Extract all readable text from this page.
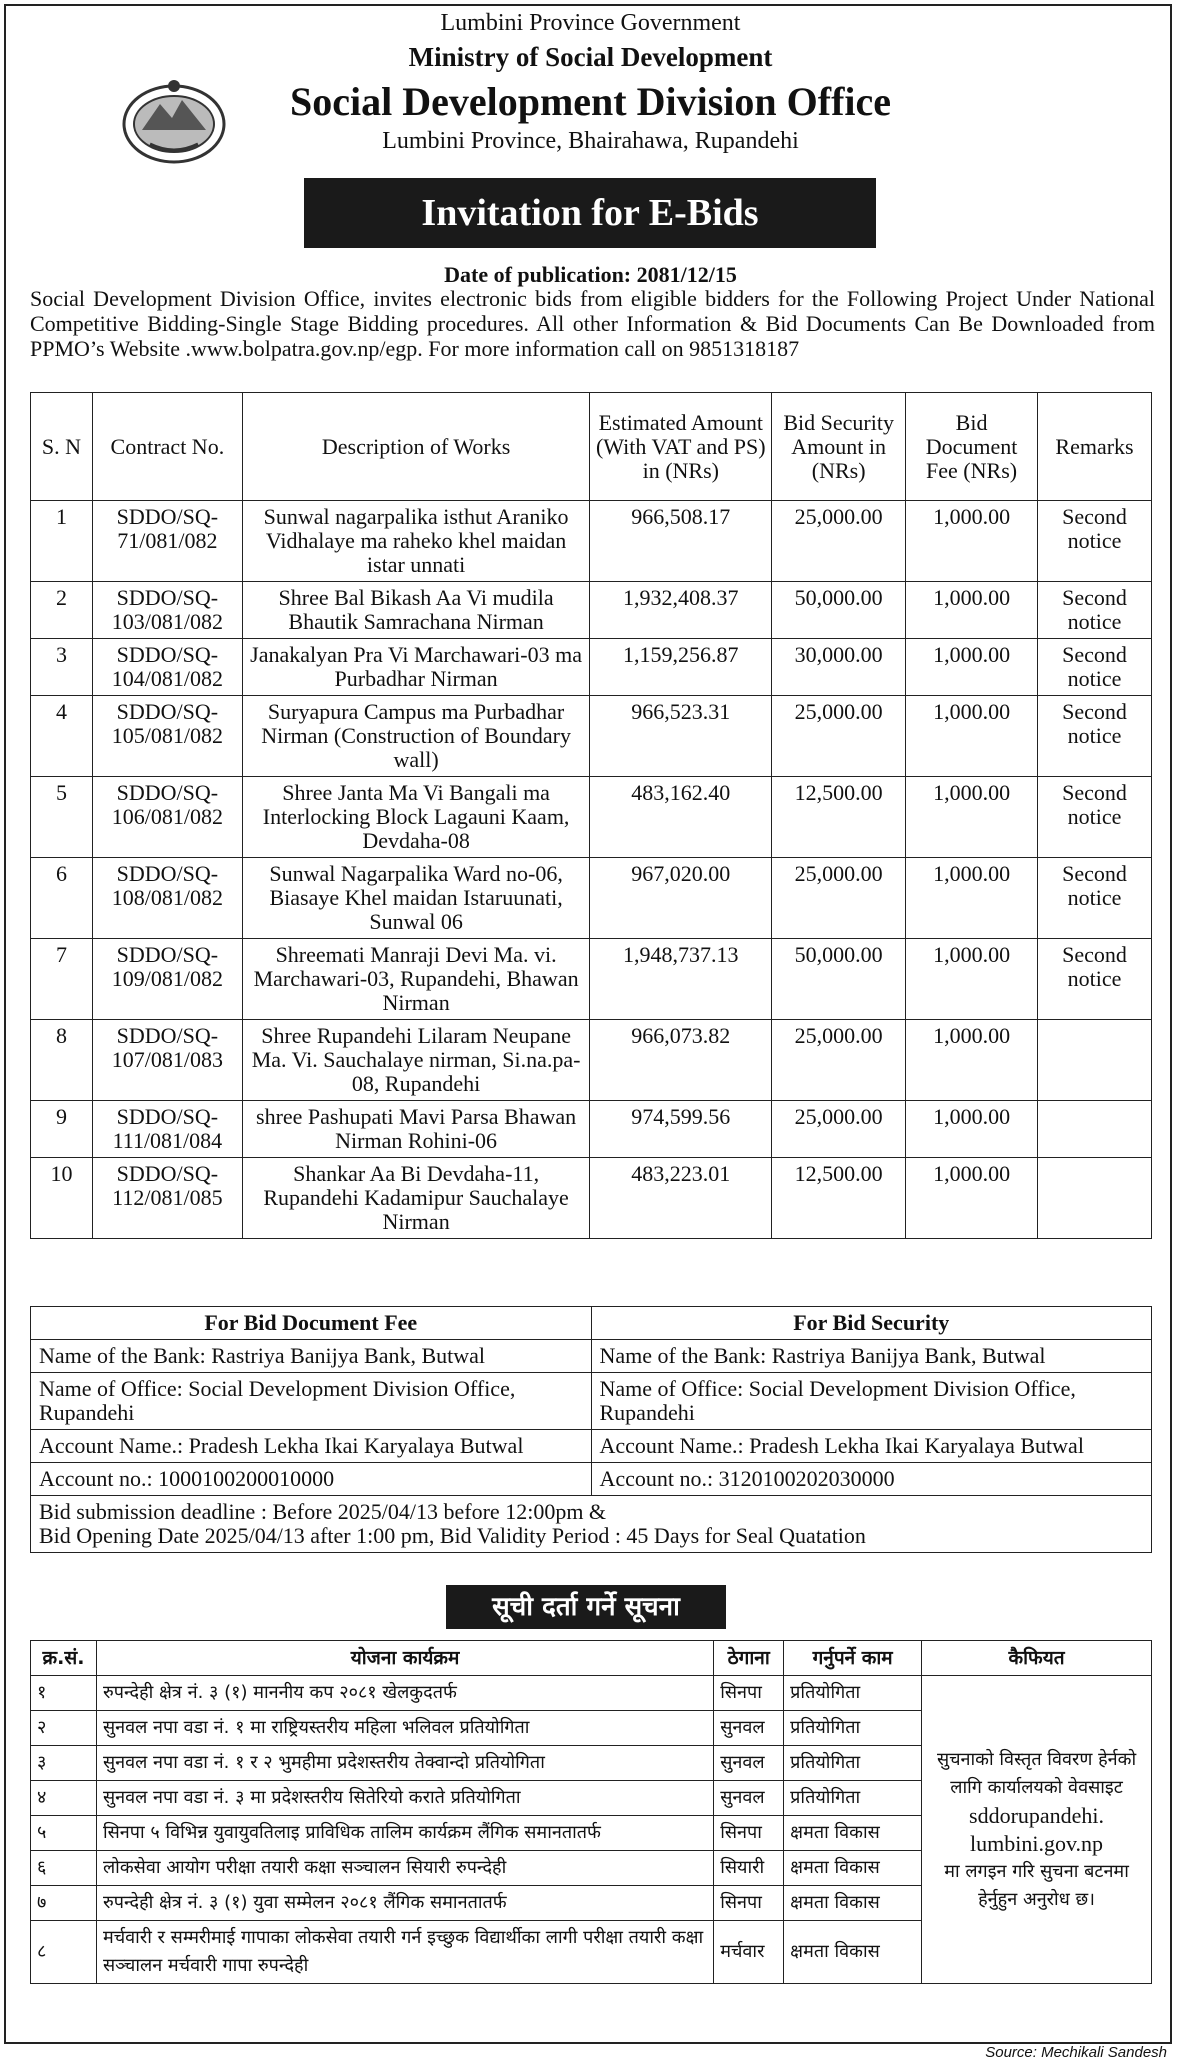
Lumbini Province Government
Ministry of Social Development
Social Development Division Office
Lumbini Province, Bhairahawa, Rupandehi
Invitation for E-Bids
Date of publication: 2081/12/15
Social Development Division Office, invites electronic bids from eligible bidders for the Following Project Under National Competitive Bidding-Single Stage Bidding procedures. All other Information & Bid Documents Can Be Downloaded from PPMO’s Website .www.bolpatra.gov.np/egp. For more information call on 9851318187
S. N	Contract No.	Description of Works	Estimated Amount (With VAT and PS) in (NRs)	Bid Security Amount in (NRs)	Bid Document Fee (NRs)	Remarks
1	SDDO/SQ-71/081/082	Sunwal nagarpalika isthut Araniko Vidhalaye ma raheko khel maidan istar unnati	966,508.17	25,000.00	1,000.00	Second notice
2	SDDO/SQ-103/081/082	Shree Bal Bikash Aa Vi mudila Bhautik Samrachana Nirman	1,932,408.37	50,000.00	1,000.00	Second notice
3	SDDO/SQ-104/081/082	Janakalyan Pra Vi Marchawari-03 ma Purbadhar Nirman	1,159,256.87	30,000.00	1,000.00	Second notice
4	SDDO/SQ-105/081/082	Suryapura Campus ma Purbadhar Nirman (Construction of Boundary wall)	966,523.31	25,000.00	1,000.00	Second notice
5	SDDO/SQ-106/081/082	Shree Janta Ma Vi Bangali ma Interlocking Block Lagauni Kaam, Devdaha-08	483,162.40	12,500.00	1,000.00	Second notice
6	SDDO/SQ-108/081/082	Sunwal Nagarpalika Ward no-06, Biasaye Khel maidan Istaruunati, Sunwal 06	967,020.00	25,000.00	1,000.00	Second notice
7	SDDO/SQ-109/081/082	Shreemati Manraji Devi Ma. vi. Marchawari-03, Rupandehi, Bhawan Nirman	1,948,737.13	50,000.00	1,000.00	Second notice
8	SDDO/SQ-107/081/083	Shree Rupandehi Lilaram Neupane Ma. Vi. Sauchalaye nirman, Si.na.pa-08, Rupandehi	966,073.82	25,000.00	1,000.00	
9	SDDO/SQ-111/081/084	shree Pashupati Mavi Parsa Bhawan Nirman Rohini-06	974,599.56	25,000.00	1,000.00	
10	SDDO/SQ-112/081/085	Shankar Aa Bi Devdaha-11, Rupandehi Kadamipur Sauchalaye Nirman	483,223.01	12,500.00	1,000.00	
For Bid Document Fee	For Bid Security
Name of the Bank: Rastriya Banijya Bank, Butwal	Name of the Bank: Rastriya Banijya Bank, Butwal
Name of Office: Social Development Division Office, Rupandehi	Name of Office: Social Development Division Office, Rupandehi
Account Name.: Pradesh Lekha Ikai Karyalaya Butwal	Account Name.: Pradesh Lekha Ikai Karyalaya Butwal
Account no.: 1000100200010000	Account no.: 3120100202030000

Bid submission deadline : Before 2025/04/13 before 12:00pm &
Bid Opening Date 2025/04/13 after 1:00 pm, Bid Validity Period : 45 Days for Seal Quatation	
सूची दर्ता गर्ने सूचना
क्र.सं.	योजना कार्यक्रम	ठेगाना	गर्नुपर्ने काम	कैफियत
१	रुपन्देही क्षेत्र नं. ३ (१) माननीय कप २०८१ खेलकुदतर्फ	सिनपा	प्रतियोगिता	सुचनाको विस्तृत विवरण हेर्नको लागि कार्यालयको वेवसाइट
sddorupandehi. lumbini.gov.np
मा लगइन गरि सुचना बटनमा हेर्नुहुन अनुरोध छ।

२	सुनवल नपा वडा नं. १ मा राष्ट्रियस्तरीय महिला भलिवल प्रतियोगिता	सुनवल	प्रतियोगिता	
३	सुनवल नपा वडा नं. १ र २ भुमहीमा प्रदेशस्तरीय तेक्वान्दो प्रतियोगिता	सुनवल	प्रतियोगिता	
४	सुनवल नपा वडा नं. ३ मा प्रदेशस्तरीय सितेरियो कराते प्रतियोगिता	सुनवल	प्रतियोगिता	
५	सिनपा ५ विभिन्न युवायुवतिलाइ प्राविधिक तालिम कार्यक्रम लैंगिक समानतातर्फ	सिनपा	क्षमता विकास	
६	लोकसेवा आयोग परीक्षा तयारी कक्षा सञ्चालन सियारी रुपन्देही	सियारी	क्षमता विकास	
७	रुपन्देही क्षेत्र नं. ३ (१) युवा सम्मेलन २०८१ लैंगिक समानतातर्फ	सिनपा	क्षमता विकास	
८	मर्चवारी र सम्मरीमाई गापाका लोकसेवा तयारी गर्न इच्छुक विद्यार्थीका लागी परीक्षा तयारी कक्षा सञ्चालन मर्चवारी गापा रुपन्देही	मर्चवार	क्षमता विकास	
Source: Mechikali Sandesh
